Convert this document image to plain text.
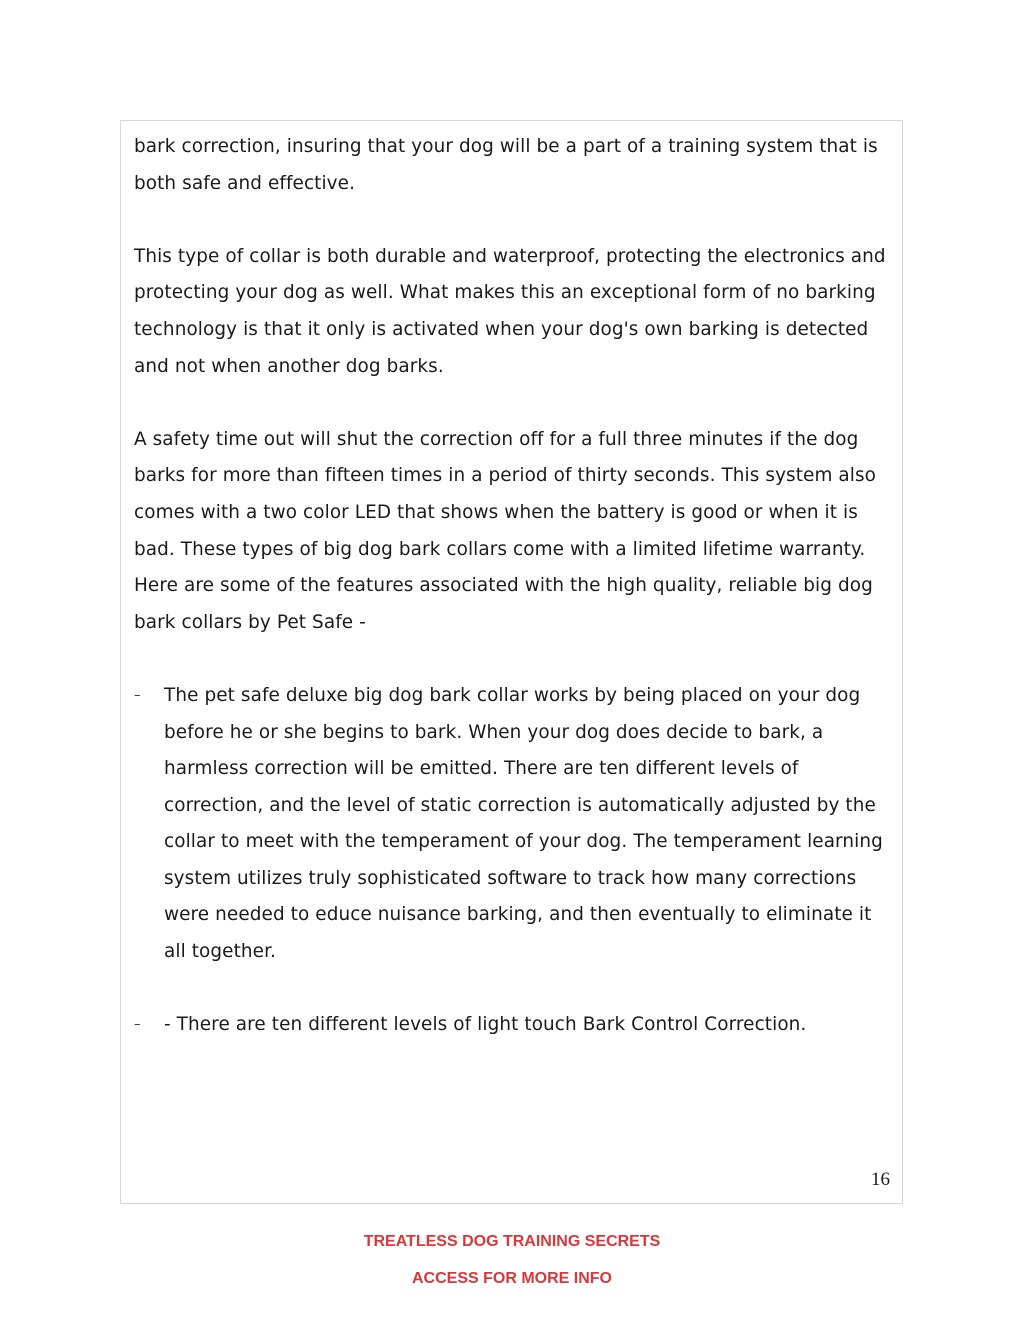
bark correction, insuring that your dog will be a part of a training system that is both safe and effective.

This type of collar is both durable and waterproof, protecting the electronics and protecting your dog as well. What makes this an exceptional form of no barking technology is that it only is activated when your dog's own barking is detected and not when another dog barks.

A safety time out will shut the correction off for a full three minutes if the dog barks for more than fifteen times in a period of thirty seconds. This system also comes with a two color LED that shows when the battery is good or when it is bad. These types of big dog bark collars come with a limited lifetime warranty. Here are some of the features associated with the high quality, reliable big dog bark collars by Pet Safe -

– The pet safe deluxe big dog bark collar works by being placed on your dog before he or she begins to bark. When your dog does decide to bark, a harmless correction will be emitted. There are ten different levels of correction, and the level of static correction is automatically adjusted by the collar to meet with the temperament of your dog. The temperament learning system utilizes truly sophisticated software to track how many corrections were needed to educe nuisance barking, and then eventually to eliminate it all together.
– - There are ten different levels of light touch Bark Control Correction.
16
TREATLESS DOG TRAINING SECRETS
ACCESS FOR MORE INFO
